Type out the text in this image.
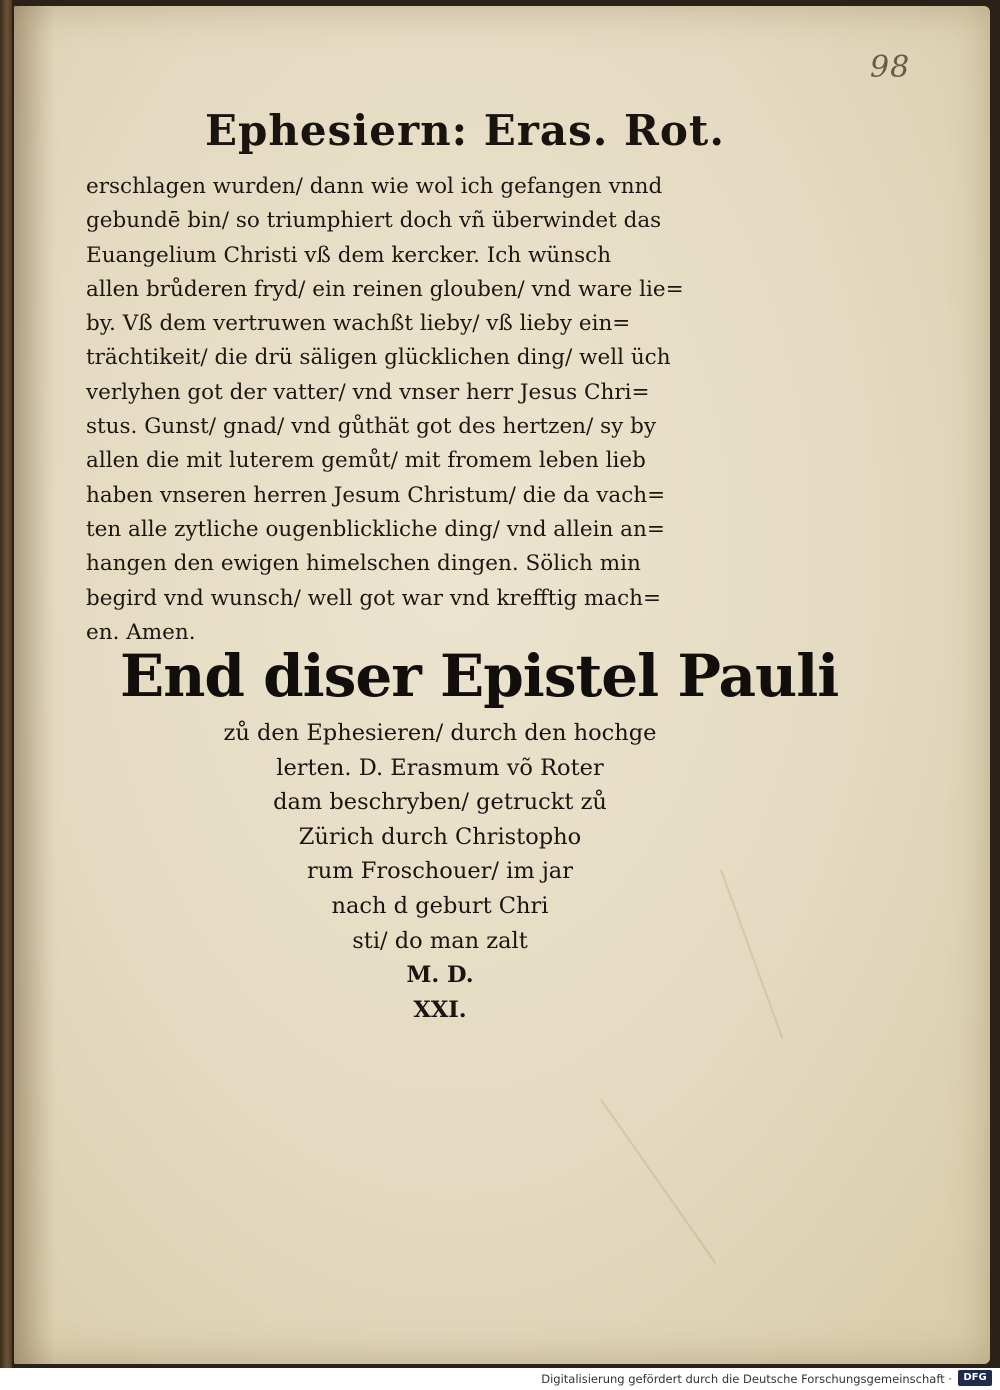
98
Ephesiern: Eras. Rot.
erschlagen wurden/ dann wie wol ich gefangen vnnd
gebundē bin/ so triumphiert doch vñ überwindet das
Euangelium Christi vß dem kercker. Ich wünsch
allen brůderen fryd/ ein reinen glouben/ vnd ware lie=
by. Vß dem vertruwen wachßt lieby/ vß lieby ein=
trächtikeit/ die drü säligen glücklichen ding/ well üch
verlyhen got der vatter/ vnd vnser herr Jesus Chri=
stus. Gunst/ gnad/ vnd gůthät got des hertzen/ sy by
allen die mit luterem gemůt/ mit fromem leben lieb
haben vnseren herren Jesum Christum/ die da vach=
ten alle zytliche ougenblickliche ding/ vnd allein an=
hangen den ewigen himelschen dingen. Sölich min
begird vnd wunsch/ well got war vnd krefftig mach=
en. Amen.
End diser Epistel Pauli
zů den Ephesieren/ durch den hochge
lerten. D. Erasmum võ Roter
dam beschryben/ getruckt zů
Zürich durch Christopho
rum Froschouer/ im jar
nach d geburt Chri
sti/ do man zalt
M. D.
XXI.
Digitalisierung gefördert durch die Deutsche Forschungsgemeinschaft ·	DFG
